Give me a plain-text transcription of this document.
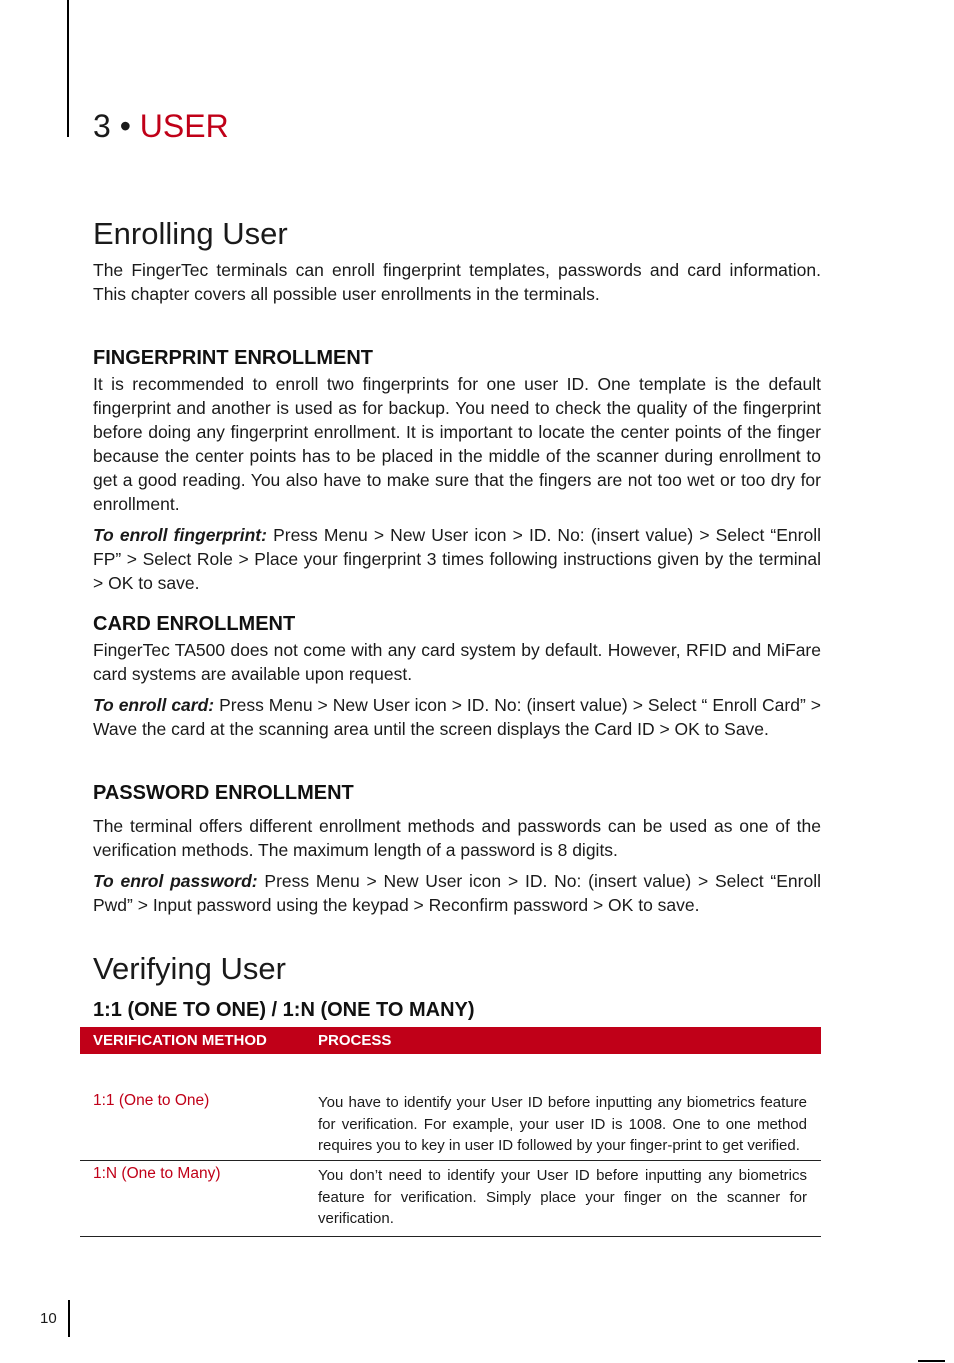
3 • USER
Enrolling User
The FingerTec terminals can enroll fingerprint templates, passwords and card information. This chapter covers all possible user enrollments in the terminals.
FINGERPRINT ENROLLMENT
It is recommended to enroll two fingerprints for one user ID. One template is the default fingerprint and another is used as for backup. You need to check the quality of the fingerprint before doing any fingerprint enrollment. It is important to locate the center points of the finger because the center points has to be placed in the middle of the scanner during enrollment to get a good reading. You also have to make sure that the fingers are not too wet or too dry for enrollment.
To enroll fingerprint: Press Menu > New User icon > ID. No: (insert value) > Select “Enroll FP” > Select Role > Place your fingerprint 3 times following instructions given by the terminal > OK to save.
CARD ENROLLMENT
FingerTec TA500 does not come with any card system by default. However, RFID and MiFare card systems are available upon request.
To enroll card: Press Menu > New User icon > ID. No: (insert value) > Select “ Enroll Card” > Wave the card at the scanning area until the screen displays the Card ID > OK to Save.
PASSWORD ENROLLMENT
The terminal offers different enrollment methods and passwords can be used as one of the verification methods. The maximum length of a password is 8 digits.
To enrol password: Press Menu > New User icon > ID. No: (insert value) > Select “Enroll Pwd” > Input password using the keypad > Reconfirm password > OK to save.
Verifying User
1:1 (ONE TO ONE) / 1:N (ONE TO MANY)
VERIFICATION METHOD	PROCESS
1:1 (One to One)	You have to identify your User ID before inputting any biometrics feature for verification. For example, your user ID is 1008. One to one method requires you to key in user ID followed by your finger-print to get verified.
1:N (One to Many)	You don’t need to identify your User ID before inputting any biometrics feature for verification. Simply place your finger on the scanner for verification.
10
